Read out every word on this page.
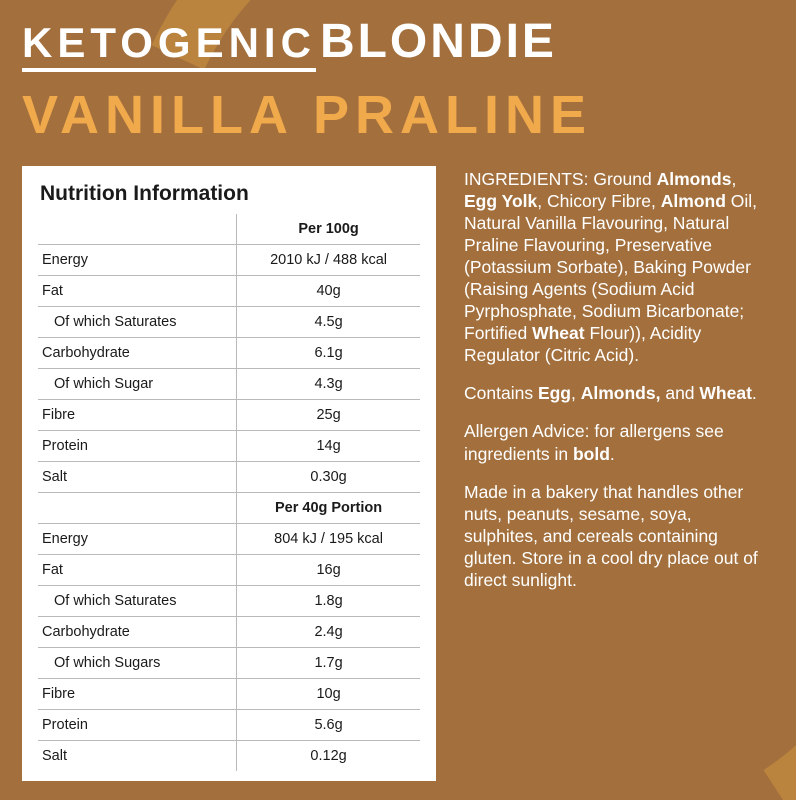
KETOGENIC BLONDIE
VANILLA PRALINE
Nutrition Information
	Per 100g
Energy	2010 kJ / 488 kcal
Fat	40g
Of which Saturates	4.5g
Carbohydrate	6.1g
Of which Sugar	4.3g
Fibre	25g
Protein	14g
Salt	0.30g
	Per 40g Portion
Energy	804 kJ / 195 kcal
Fat	16g
Of which Saturates	1.8g
Carbohydrate	2.4g
Of which Sugars	1.7g
Fibre	10g
Protein	5.6g
Salt	0.12g

INGREDIENTS: Ground Almonds, Egg Yolk, Chicory Fibre, Almond Oil, Natural Vanilla Flavouring, Natural Praline Flavouring, Preservative (Potassium Sorbate), Baking Powder (Raising Agents (Sodium Acid Pyrphosphate, Sodium Bicarbonate; Fortified Wheat Flour)), Acidity Regulator (Citric Acid).

Contains Egg, Almonds, and Wheat.

Allergen Advice: for allergens see ingredients in bold.

Made in a bakery that handles other nuts, peanuts, sesame, soya, sulphites, and cereals containing gluten. Store in a cool dry place out of direct sunlight.
